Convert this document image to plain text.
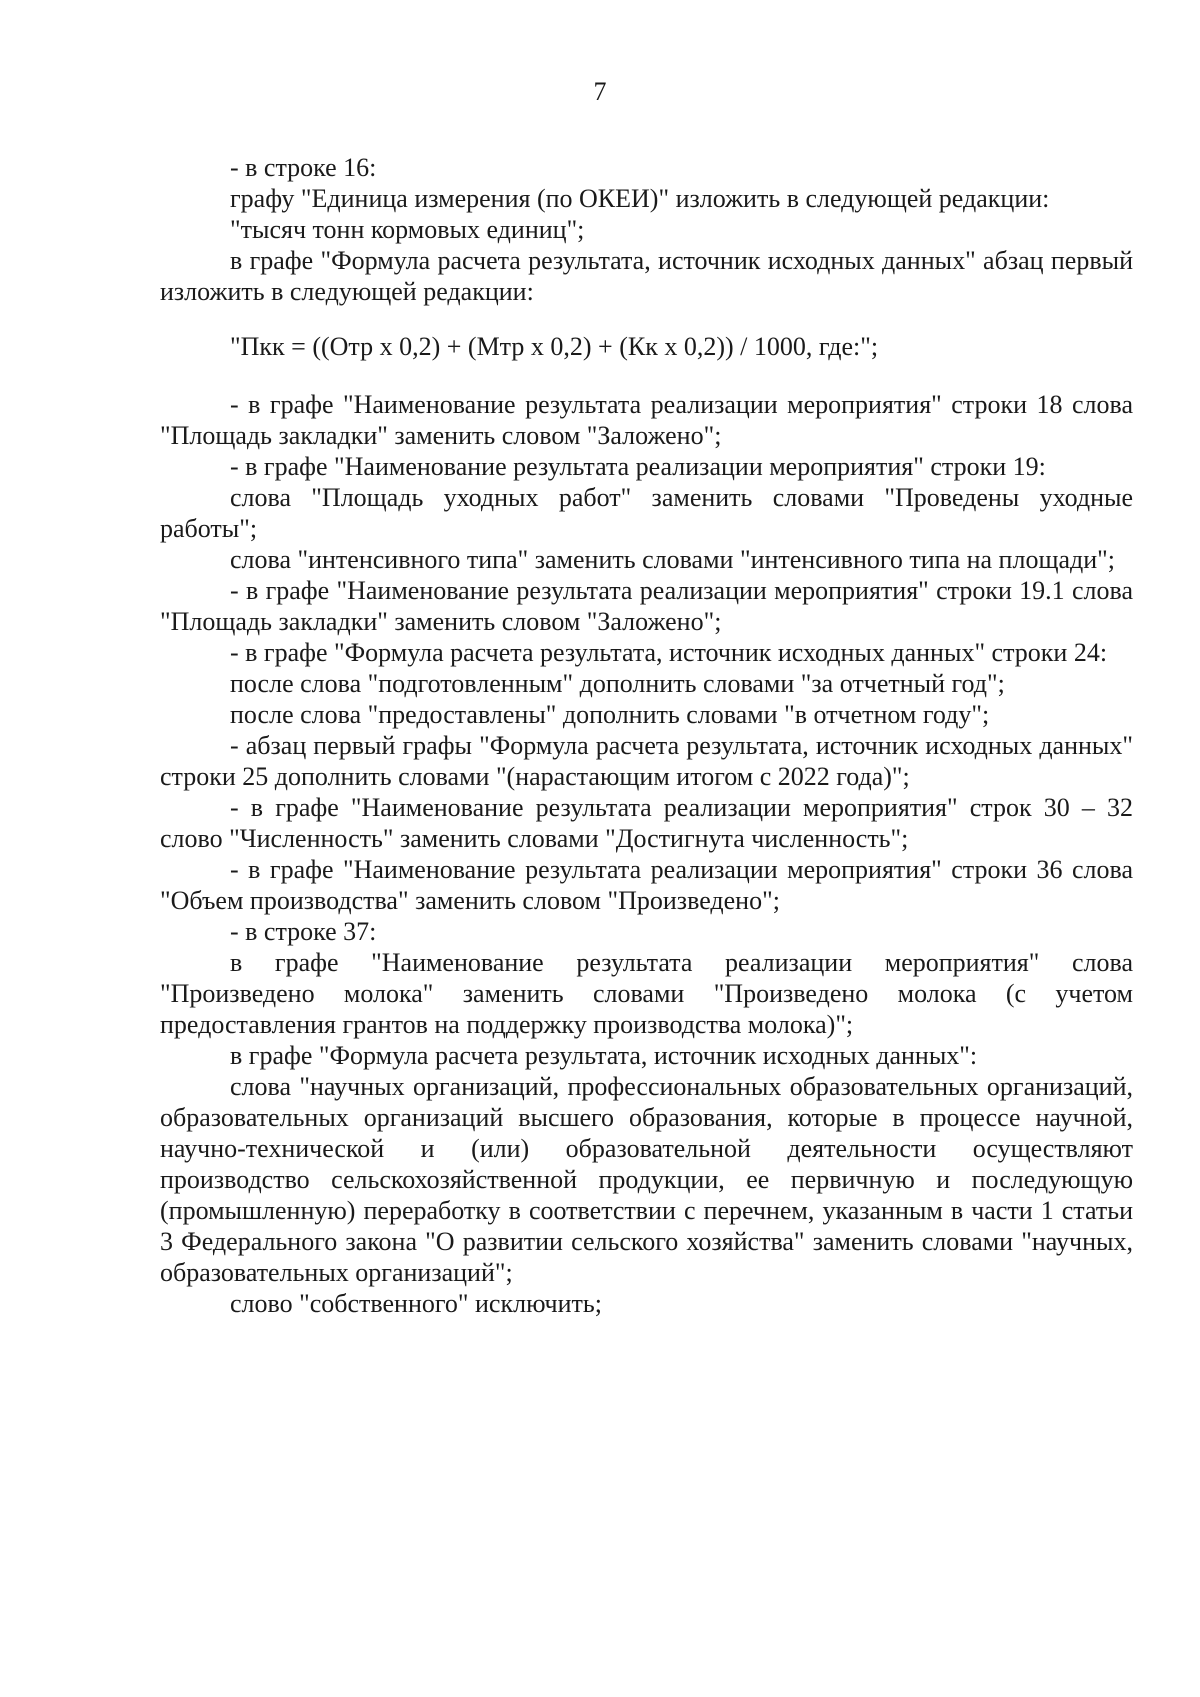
7

- в строке 16:

графу "Единица измерения (по ОКЕИ)" изложить в следующей редакции:

"тысяч тонн кормовых единиц";

в графе "Формула расчета результата, источник исходных данных" абзац первый изложить в следующей редакции:

"Пкк = ((Отр x 0,2) + (Мтр x 0,2) + (Кк x 0,2)) / 1000, где:";

- в графе "Наименование результата реализации мероприятия" строки 18 слова "Площадь закладки" заменить словом "Заложено";

- в графе "Наименование результата реализации мероприятия" строки 19:

слова "Площадь уходных работ" заменить словами "Проведены уходные работы";

слова "интенсивного типа" заменить словами "интенсивного типа на площади";

- в графе "Наименование результата реализации мероприятия" строки 19.1 слова "Площадь закладки" заменить словом "Заложено";

- в графе "Формула расчета результата, источник исходных данных" строки 24:

после слова "подготовленным" дополнить словами "за отчетный год";

после слова "предоставлены" дополнить словами "в отчетном году";

- абзац первый графы "Формула расчета результата, источник исходных данных" строки 25 дополнить словами "(нарастающим итогом с 2022 года)";

- в графе "Наименование результата реализации мероприятия" строк 30 – 32 слово "Численность" заменить словами "Достигнута численность";

- в графе "Наименование результата реализации мероприятия" строки 36 слова "Объем производства" заменить словом "Произведено";

- в строке 37:

в графе "Наименование результата реализации мероприятия" слова "Произведено молока" заменить словами "Произведено молока (с учетом предоставления грантов на поддержку производства молока)";

в графе "Формула расчета результата, источник исходных данных":

слова "научных организаций, профессиональных образовательных организаций, образовательных организаций высшего образования, которые в процессе научной, научно-технической и (или) образовательной деятельности осуществляют производство сельскохозяйственной продукции, ее первичную и последующую (промышленную) переработку в соответствии с перечнем, указанным в части 1 статьи 3 Федерального закона "О развитии сельского хозяйства" заменить словами "научных, образовательных организаций";

слово "собственного" исключить;
